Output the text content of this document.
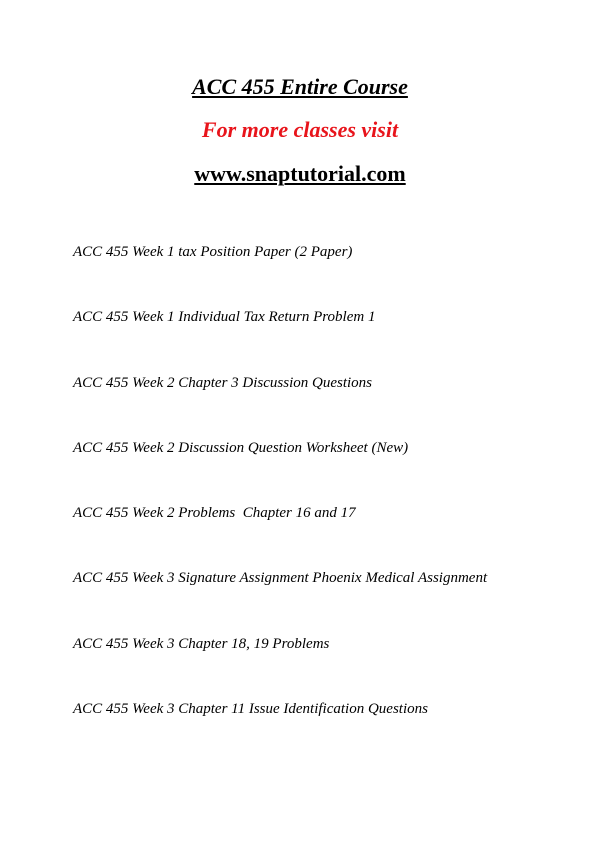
ACC 455 Entire Course
For more classes visit
www.snaptutorial.com
ACC 455 Week 1 tax Position Paper (2 Paper)
ACC 455 Week 1 Individual Tax Return Problem 1
ACC 455 Week 2 Chapter 3 Discussion Questions
ACC 455 Week 2 Discussion Question Worksheet (New)
ACC 455 Week 2 Problems  Chapter 16 and 17
ACC 455 Week 3 Signature Assignment Phoenix Medical Assignment
ACC 455 Week 3 Chapter 18, 19 Problems
ACC 455 Week 3 Chapter 11 Issue Identification Questions
